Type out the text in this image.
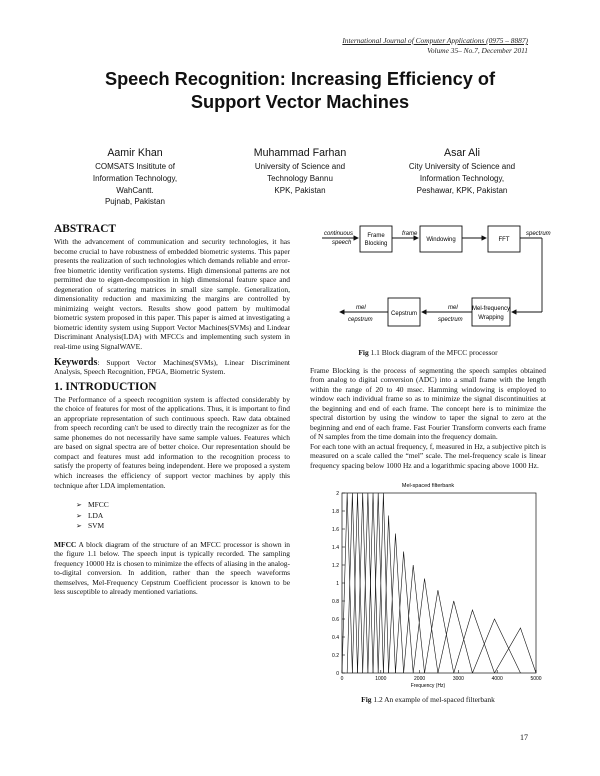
International Journal of Computer Applications (0975 – 8887)
Volume 35– No.7, December 2011
Speech Recognition: Increasing Efficiency of
Support Vector Machines
Aamir Khan
COMSATS Insititute of
Information Technology,
WahCantt.
Pujnab, Pakistan
Muhammad Farhan
University of Science and
Technology Bannu
KPK, Pakistan
Asar Ali
City University of Science and
Information Technology,
Peshawar, KPK, Pakistan
ABSTRACT

With the advancement of communication and security technologies, it has become crucial to have robustness of embedded biometric systems. This paper presents the realization of such technologies which demands reliable and error-free biometric identity verification systems. High dimensional patterns are not permitted due to eigen-decomposition in high dimensional feature space and degeneration of scattering matrices in small size sample. Generalization, dimensionality reduction and maximizing the margins are controlled by minimizing weight vectors. Results show good pattern by multimodal biometric system proposed in this paper. This paper is aimed at investigating a biometric identity system using Support Vector Machines(SVMs) and Lindear Discriminant Analysis(LDA) with MFCCs and implementing such system in real-time using SignalWAVE.

Keywords: Support Vector Machines(SVMs), Linear Discriminent Analysis, Speech Recognition, FPGA, Biometric System.

1. INTRODUCTION

The Performance of a speech recognition system is affected considerably by the choice of features for most of the applications. Thus, it is important to find an appropriate representation of such continuous speech. Raw data obtained from speech recording can't be used to directly train the recognizer as for the same phonemes do not necessarily have same sample values. Features which are based on signal spectra are of better choice. Our representation should be compact and features must add information to the recognition process to satisfy the property of features being independent. Here we proposed a system which increases the efficiency of support vector machines by apply this technique after LDA implementation.

➢ MFCC
➢ LDA
➢ SVM

MFCC A block diagram of the structure of an MFCC processor is shown in the figure 1.1 below. The speech input is typically recorded. The sampling frequency 10000 Hz is chosen to minimize the effects of aliasing in the analog-to-digital conversion. In addition, rather than the speech waveforms themselves, Mel-Frequency Cepstrum Coefficient processor is known to be less susceptible to already mentioned variations.

continuous
speech
Frame
Blocking
frame
Windowing	FFT
spectrum
Mel-frequency
Wrapping
mel
spectrum
Cepstrum
mel
cepstrum
Fig 1.1 Block diagram of the MFCC processor

Frame Blocking is the process of segmenting the speech samples obtained from analog to digital conversion (ADC) into a small frame with the length within the range of 20 to 40 msec. Hamming windowing is employed to window each individual frame so as to minimize the signal discontinuities at the beginning and end of each frame. The concept here is to minimize the spectral distortion by using the window to taper the signal to zero at the beginning and end of each frame. Fast Fourier Transform converts each frame of N samples from the time domain into the frequency domain.

For each tone with an actual frequency, f, measured in Hz, a subjective pitch is measured on a scale called the “mel” scale. The mel-frequency scale is linear frequency spacing below 1000 Hz and a logarithmic spacing above 1000 Hz.

Mel-spaced filterbank
Frequency (Hz)
0
0.2
0.4
0.6
0.8
1
1.2
1.4
1.6
1.8
2
0	1000	2000	3000	4000	5000
Fig 1.2 An example of mel-spaced filterbank
17
